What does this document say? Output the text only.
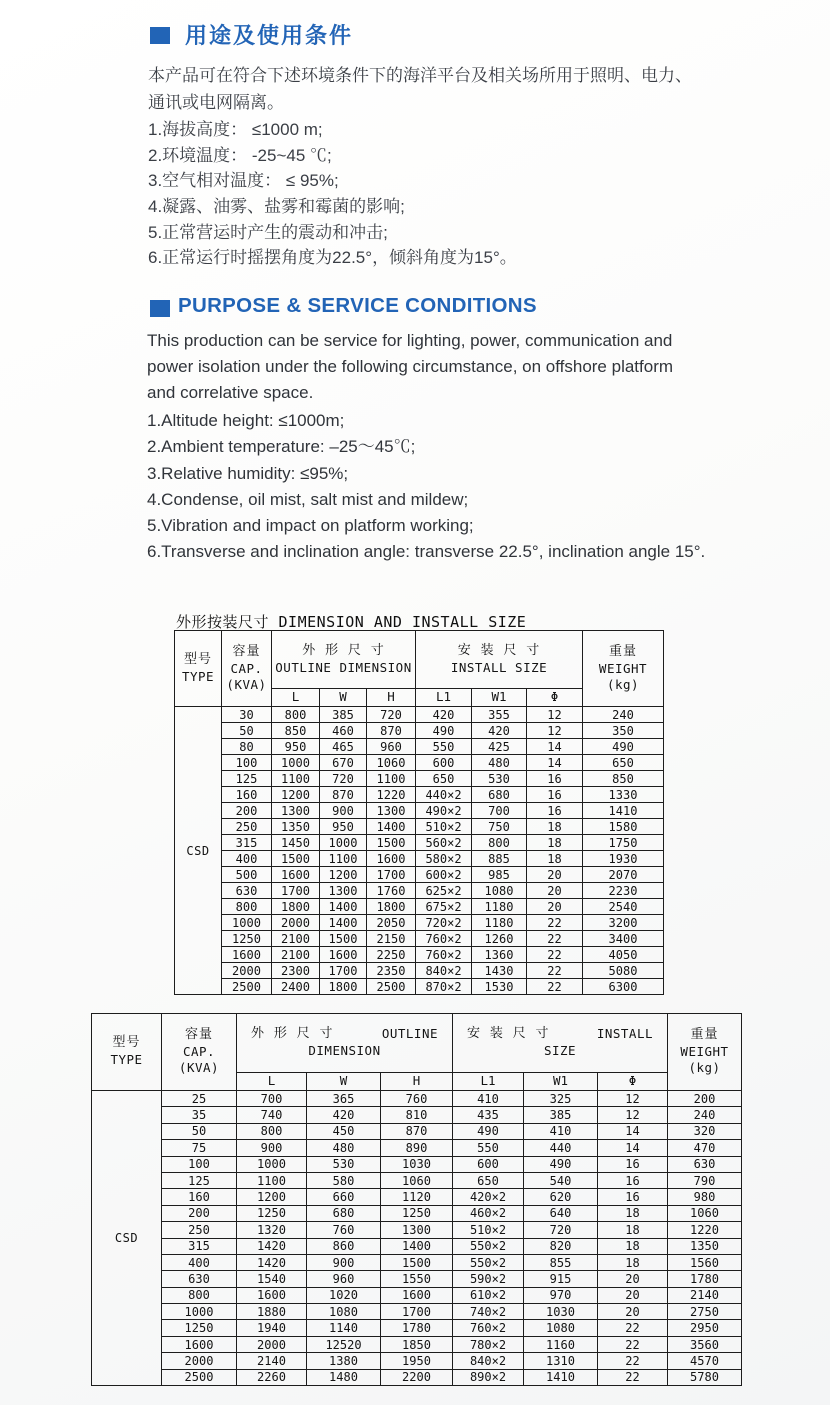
用途及使用条件
本产品可在符合下述环境条件下的海洋平台及相关场所用于照明、电力、
通讯或电网隔离。
1.海拔高度： ≤1000 m;
2.环境温度： -25~45 ℃;
3.空气相对温度： ≤ 95%;
4.凝露、油雾、盐雾和霉菌的影响;
5.正常营运时产生的震动和冲击;
6.正常运行时摇摆角度为22.5°，倾斜角度为15°。
PURPOSE & SERVICE CONDITIONS
This production can be service for lighting, power, communication and
power isolation under the following circumstance, on offshore platform
and correlative space.
1.Altitude height: ≤1000m;
2.Ambient temperature: –25～45℃;
3.Relative humidity: ≤95%;
4.Condense, oil mist, salt mist and mildew;
5.Vibration and impact on platform working;
6.Transverse and inclination angle: transverse 22.5°, inclination angle 15°.
外形按装尺寸 DIMENSION AND INSTALL SIZE
型号
TYPE

容量
CAP.
(KVA)

外 形 尺 寸
OUTLINE DIMENSION

安 装 尺 寸
INSTALL SIZE

重量
WEIGHT
(kg)

		L	W	H	L1	W1	Φ	
CSD	30	800	385	720	420	355	12	240
	50	850	460	870	490	420	12	350
	80	950	465	960	550	425	14	490
	100	1000	670	1060	600	480	14	650
	125	1100	720	1100	650	530	16	850
	160	1200	870	1220	440×2	680	16	1330
	200	1300	900	1300	490×2	700	16	1410
	250	1350	950	1400	510×2	750	18	1580
	315	1450	1000	1500	560×2	800	18	1750
	400	1500	1100	1600	580×2	885	18	1930
	500	1600	1200	1700	600×2	985	20	2070
	630	1700	1300	1760	625×2	1080	20	2230
	800	1800	1400	1800	675×2	1180	20	2540
	1000	2000	1400	2050	720×2	1180	22	3200
	1250	2100	1500	2150	760×2	1260	22	3400
	1600	2100	1600	2250	760×2	1360	22	4050
	2000	2300	1700	2350	840×2	1430	22	5080
	2500	2400	1800	2500	870×2	1530	22	6300
型号
TYPE

容量
CAP.
(KVA)

外 形 尺 寸	OUTLINE
DIMENSION

安 装 尺 寸	INSTALL
SIZE

重量
WEIGHT
(kg)

		L	W	H	L1	W1	Φ	
CSD	25	700	365	760	410	325	12	200
	35	740	420	810	435	385	12	240
	50	800	450	870	490	410	14	320
	75	900	480	890	550	440	14	470
	100	1000	530	1030	600	490	16	630
	125	1100	580	1060	650	540	16	790
	160	1200	660	1120	420×2	620	16	980
	200	1250	680	1250	460×2	640	18	1060
	250	1320	760	1300	510×2	720	18	1220
	315	1420	860	1400	550×2	820	18	1350
	400	1420	900	1500	550×2	855	18	1560
	630	1540	960	1550	590×2	915	20	1780
	800	1600	1020	1600	610×2	970	20	2140
	1000	1880	1080	1700	740×2	1030	20	2750
	1250	1940	1140	1780	760×2	1080	22	2950
	1600	2000	12520	1850	780×2	1160	22	3560
	2000	2140	1380	1950	840×2	1310	22	4570
	2500	2260	1480	2200	890×2	1410	22	5780
